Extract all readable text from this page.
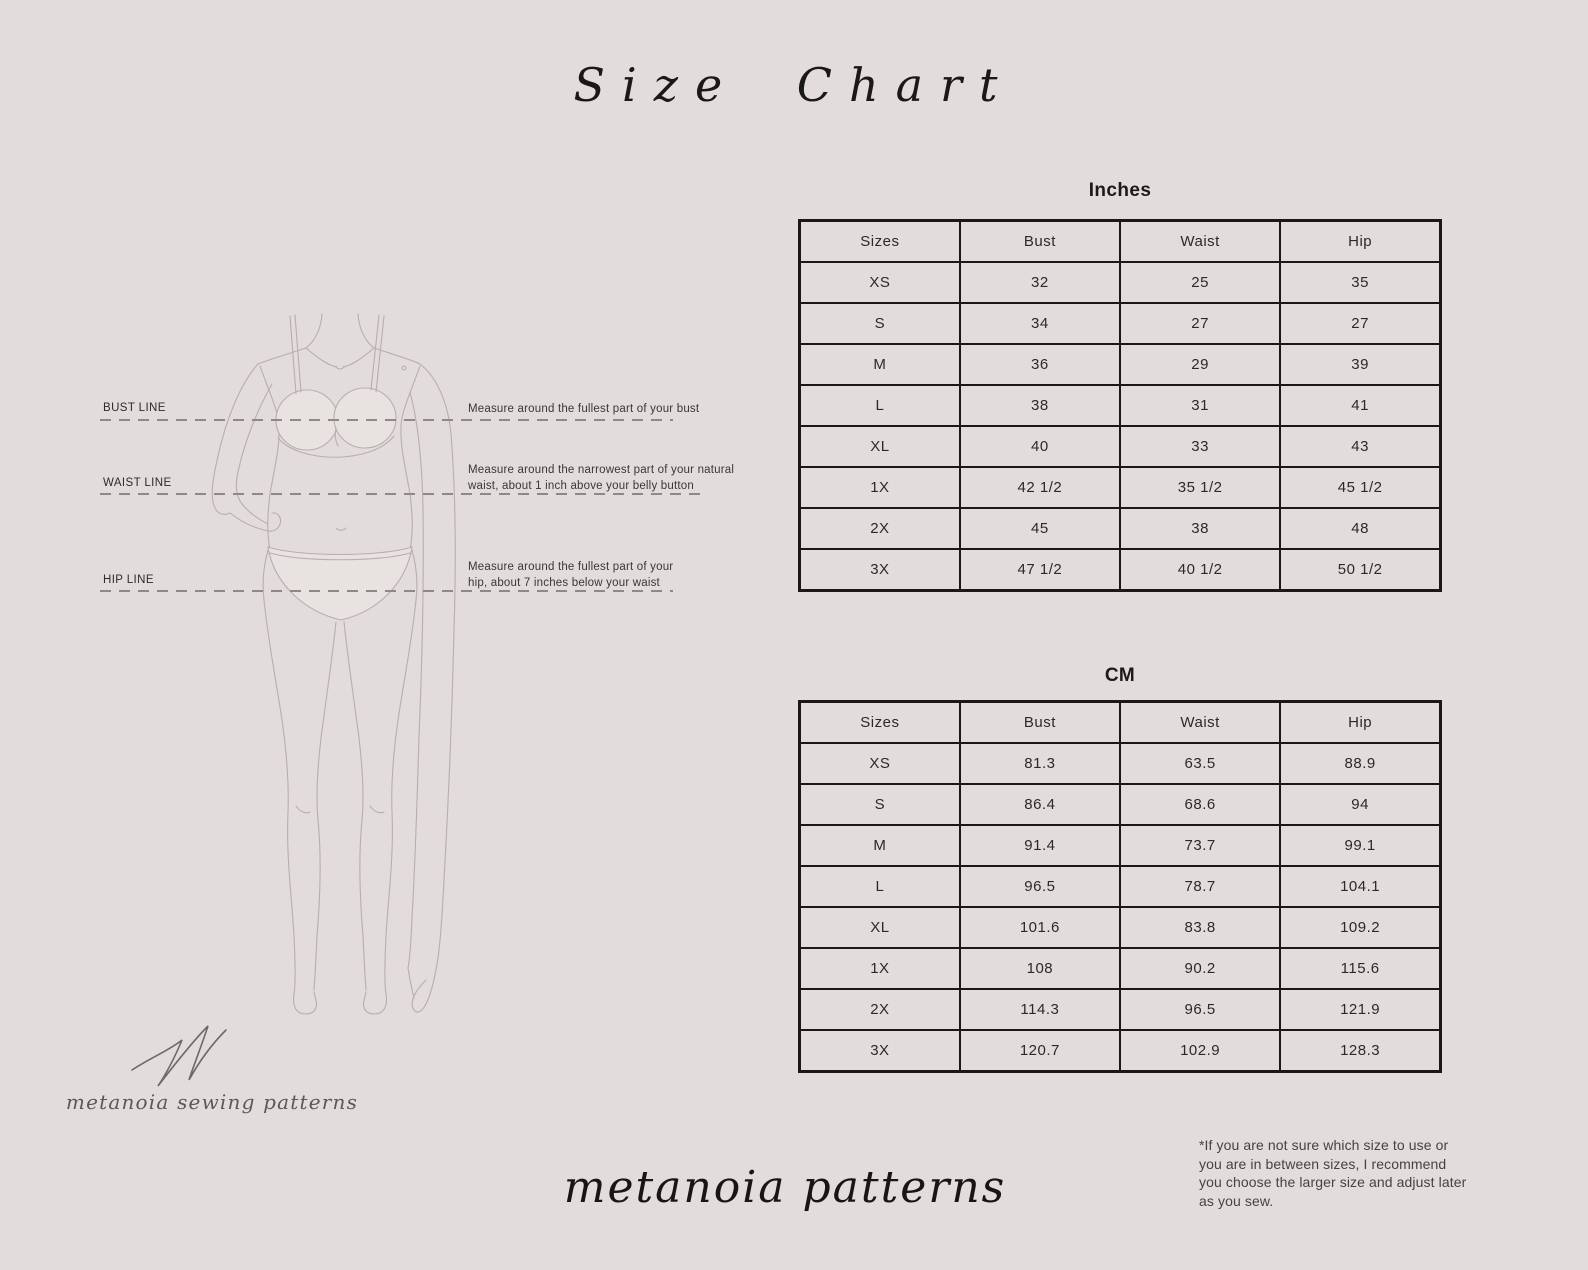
Size Chart
BUST LINE
WAIST LINE
HIP LINE
Measure around the fullest part of your bust
Measure around the narrowest part of your natural waist, about 1 inch above your belly button
Measure around the fullest part of your hip, about 7 inches below your waist
Inches
Sizes	Bust	Waist	Hip
XS	32	25	35
S	34	27	27
M	36	29	39
L	38	31	41
XL	40	33	43
1X	42 1/2	35 1/2	45 1/2
2X	45	38	48
3X	47 1/2	40 1/2	50 1/2
CM
Sizes	Bust	Waist	Hip
XS	81.3	63.5	88.9
S	86.4	68.6	94
M	91.4	73.7	99.1
L	96.5	78.7	104.1
XL	101.6	83.8	109.2
1X	108	90.2	115.6
2X	114.3	96.5	121.9
3X	120.7	102.9	128.3
metanoia sewing patterns
metanoia patterns
*If you are not sure which size to use or you are in between sizes, I recommend you choose the larger size and adjust later as you sew.
